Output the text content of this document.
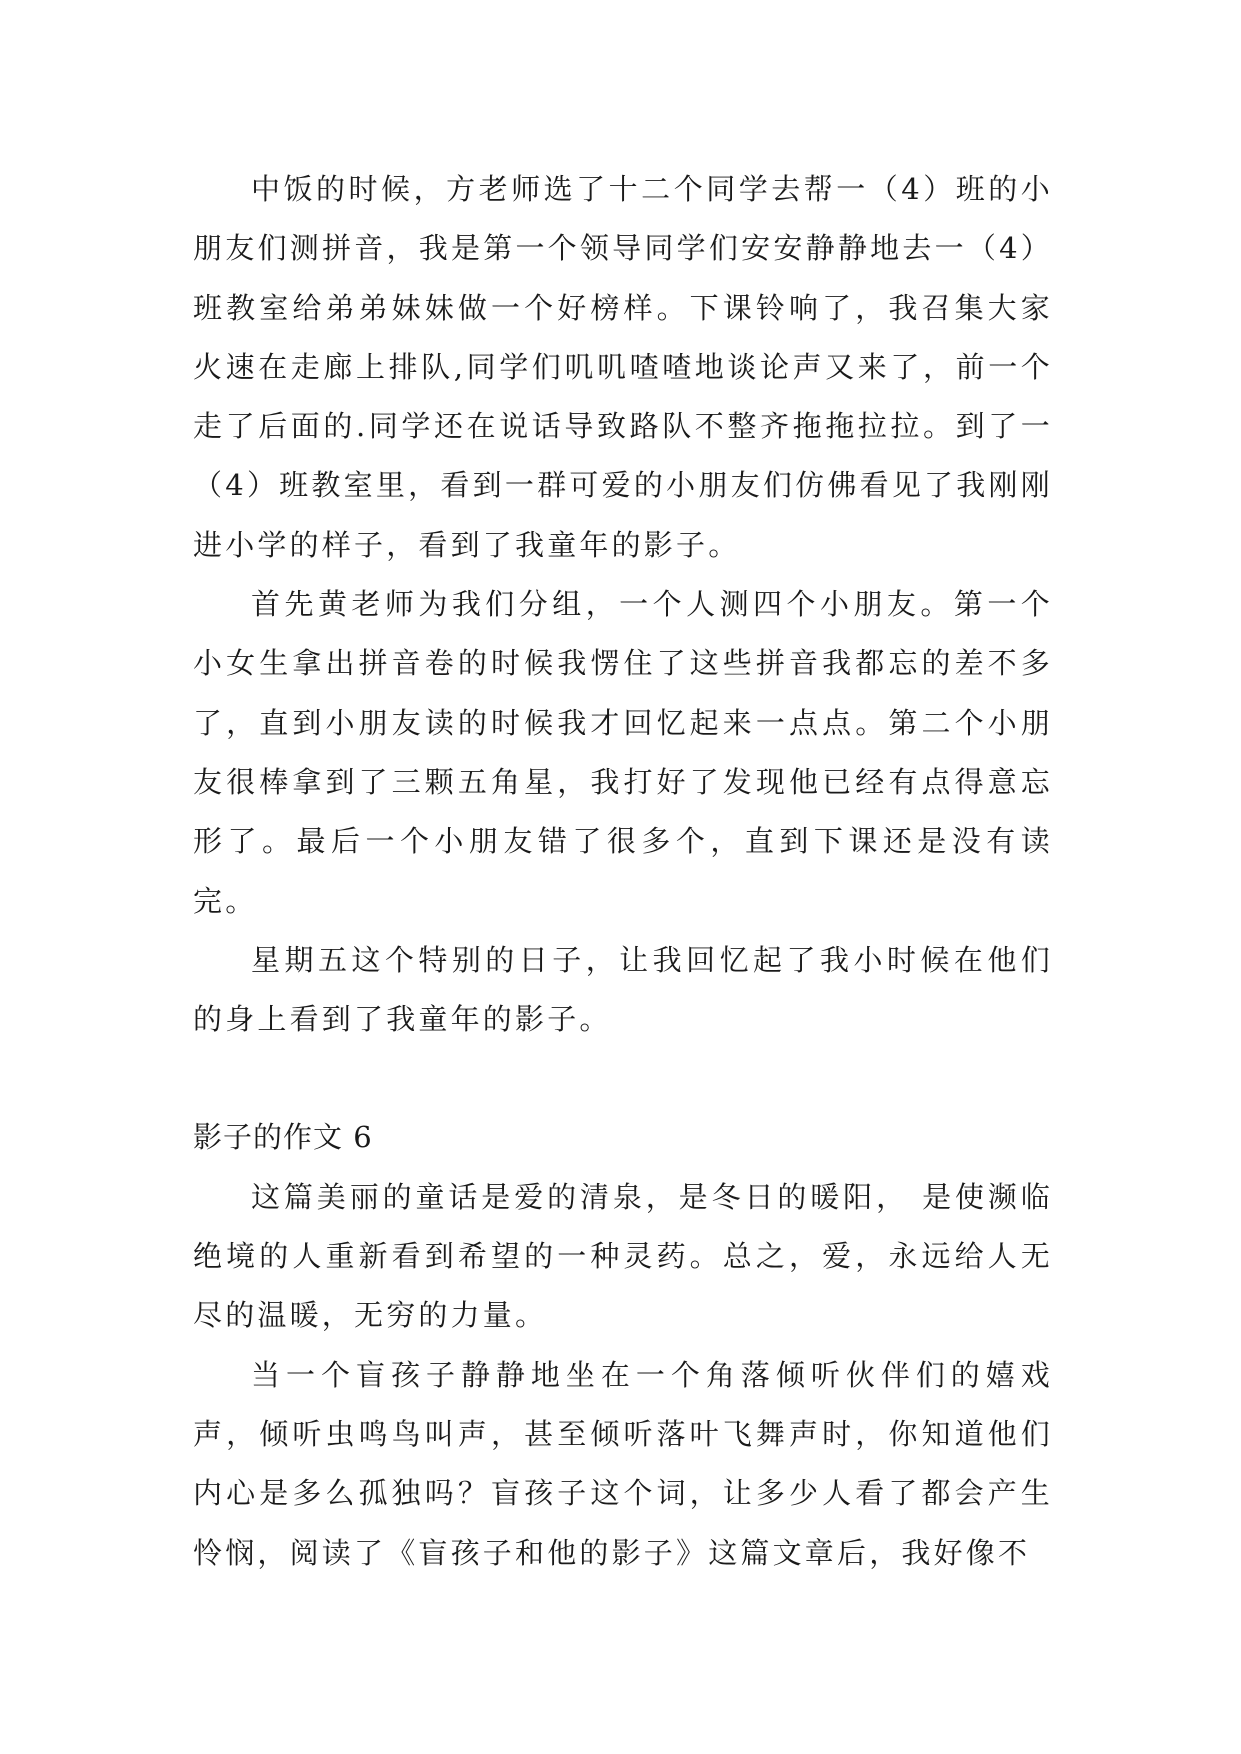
中饭的时候，方老师选了十二个同学去帮一（4）班的小朋友们测拼音，我是第一个领导同学们安安静静地去一（4）班教室给弟弟妹妹做一个好榜样。下课铃响了，我召集大家火速在走廊上排队,同学们叽叽喳喳地谈论声又来了，前一个走了后面的.同学还在说话导致路队不整齐拖拖拉拉。到了一（4）班教室里，看到一群可爱的小朋友们仿佛看见了我刚刚进小学的样子，看到了我童年的影子。

首先黄老师为我们分组，一个人测四个小朋友。第一个小女生拿出拼音卷的时候我愣住了这些拼音我都忘的差不多了，直到小朋友读的时候我才回忆起来一点点。第二个小朋友很棒拿到了三颗五角星，我打好了发现他已经有点得意忘形了。最后一个小朋友错了很多个，直到下课还是没有读完。

星期五这个特别的日子，让我回忆起了我小时候在他们的身上看到了我童年的影子。

影子的作文 6

这篇美丽的童话是爱的清泉，是冬日的暖阳， 是使濒临绝境的人重新看到希望的一种灵药。总之，爱，永远给人无尽的温暖，无穷的力量。

当一个盲孩子静静地坐在一个角落倾听伙伴们的嬉戏声，倾听虫鸣鸟叫声，甚至倾听落叶飞舞声时，你知道他们内心是多么孤独吗？盲孩子这个词，让多少人看了都会产生怜悯，阅读了《盲孩子和他的影子》这篇文章后，我好像不
